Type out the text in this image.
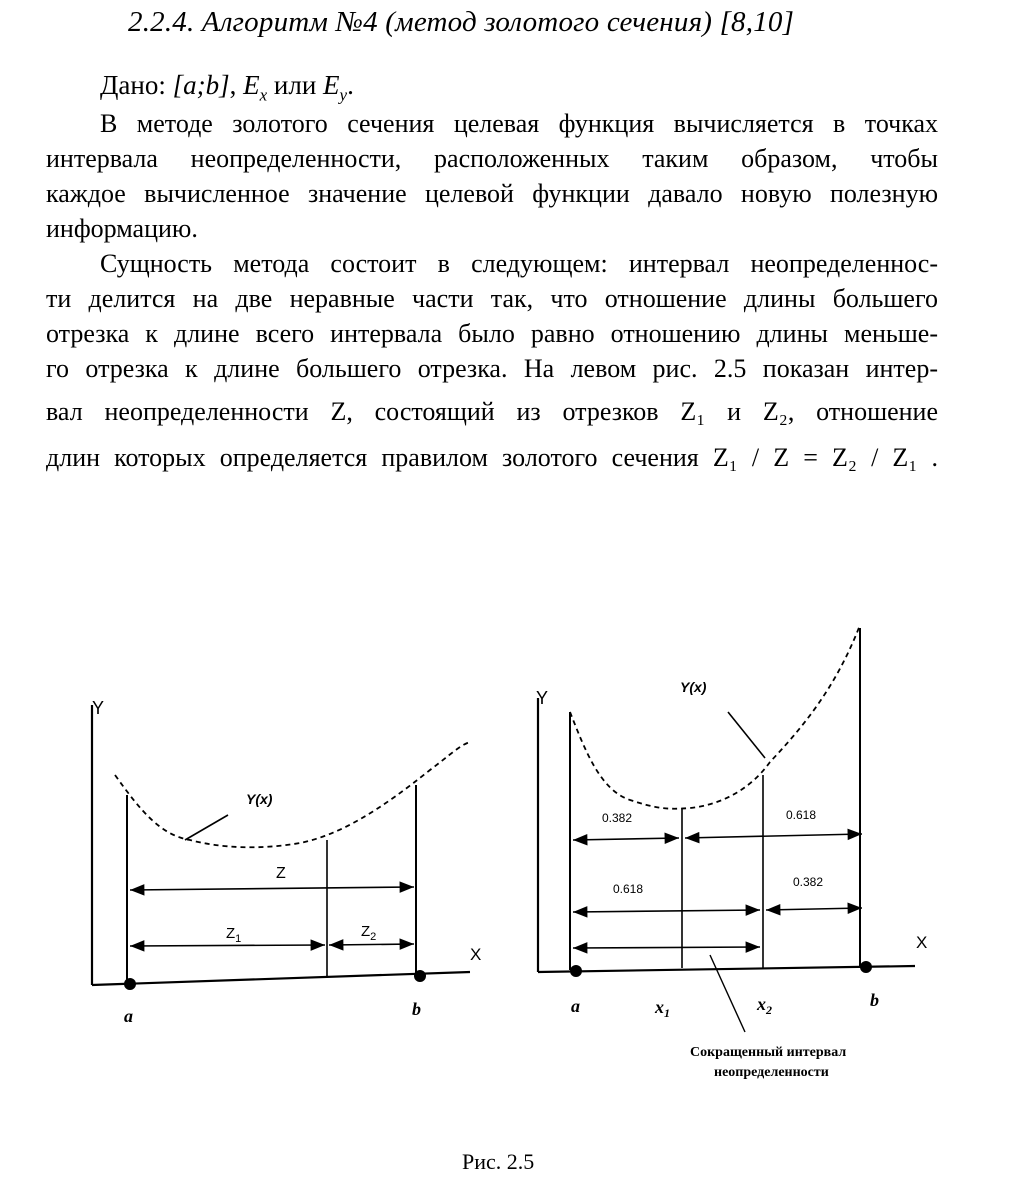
2.2.4. Алгоритм №4 (метод золотого сечения) [8,10]
Дано: [a;b], $E_x$ или $E_y$.
В методе золотого сечения целевая функция вычисляется в точках
интервала неопределенности, расположенных таким образом, чтобы
каждое вычисленное значение целевой функции давало новую полезную
информацию.
Сущность метода состоит в следующем: интервал неопределеннос-
ти делится на две неравные части так, что отношение длины большего
отрезка к длине всего интервала было равно отношению длины меньше-
го отрезка к длине большего отрезка. На левом рис. 2.5 показан интер-
вал неопределенности Z, состоящий из отрезков Z₁ и Z₂, отношение
длин которых определяется правилом золотого сечения Z₁ / Z = Z₂ / Z₁ .
Y
X
Y(x)
Z
$Z_1$	$Z_2$
a	b
Y
X
Y(x)
0.382	0.618
0.618	0.382
a	$x_1$	$x_2$	b
Сокращенный интервал
неопределенности
Рис. 2.5
